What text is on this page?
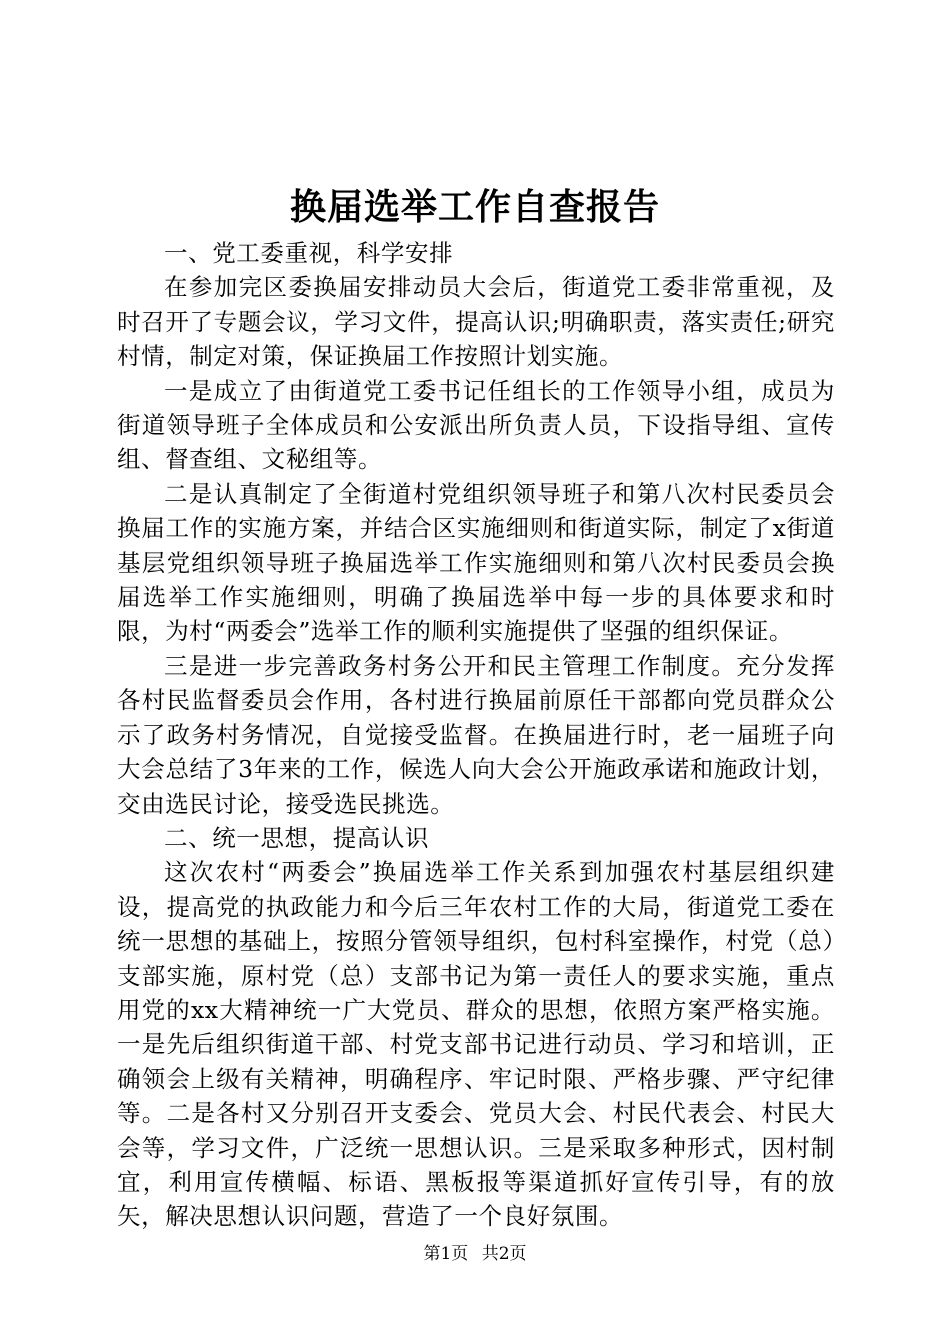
换届选举工作自查报告

一、党工委重视，科学安排

在参加完区委换届安排动员大会后，街道党工委非常重视，及时召开了专题会议，学习文件，提高认识;明确职责，落实责任;研究村情，制定对策，保证换届工作按照计划实施。

一是成立了由街道党工委书记任组长的工作领导小组，成员为街道领导班子全体成员和公安派出所负责人员，下设指导组、宣传组、督查组、文秘组等。

二是认真制定了全街道村党组织领导班子和第八次村民委员会换届工作的实施方案，并结合区实施细则和街道实际，制定了x街道基层党组织领导班子换届选举工作实施细则和第八次村民委员会换届选举工作实施细则，明确了换届选举中每一步的具体要求和时限，为村“两委会”选举工作的顺利实施提供了坚强的组织保证。

三是进一步完善政务村务公开和民主管理工作制度。充分发挥各村民监督委员会作用，各村进行换届前原任干部都向党员群众公示了政务村务情况，自觉接受监督。在换届进行时，老一届班子向大会总结了3年来的工作，候选人向大会公开施政承诺和施政计划，交由选民讨论，接受选民挑选。

二、统一思想，提高认识

这次农村“两委会”换届选举工作关系到加强农村基层组织建设，提高党的执政能力和今后三年农村工作的大局，街道党工委在统一思想的基础上，按照分管领导组织，包村科室操作，村党（总）支部实施，原村党（总）支部书记为第一责任人的要求实施，重点用党的xx大精神统一广大党员、群众的思想，依照方案严格实施。一是先后组织街道干部、村党支部书记进行动员、学习和培训，正确领会上级有关精神，明确程序、牢记时限、严格步骤、严守纪律等。二是各村又分别召开支委会、党员大会、村民代表会、村民大会等，学习文件，广泛统一思想认识。三是采取多种形式，因村制宜，利用宣传横幅、标语、黑板报等渠道抓好宣传引导，有的放矢，解决思想认识问题，营造了一个良好氛围。

第1页 共2页
